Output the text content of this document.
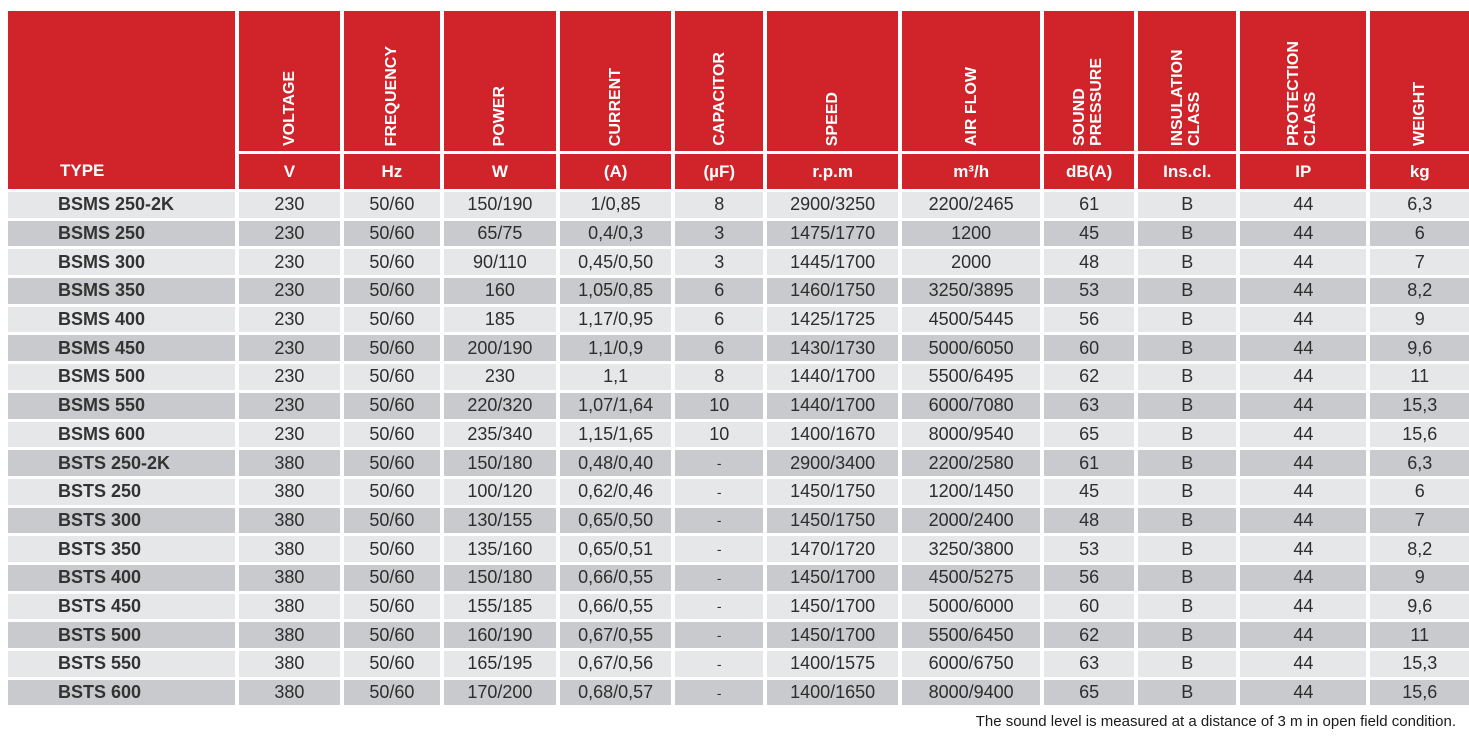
TYPE	VOLTAGE	FREQUENCY	POWER	CURRENT	CAPACITOR	SPEED	AIR FLOW	SOUND PRESSURE	INSULATION CLASS	PROTECTION CLASS	WEIGHT
	V	Hz	W	(A)	(µF)	r.p.m	m³/h	dB(A)	Ins.cl.	IP	kg
BSMS 250-2K	230	50/60	150/190	1/0,85	8	2900/3250	2200/2465	61	B	44	6,3
BSMS 250	230	50/60	65/75	0,4/0,3	3	1475/1770	1200	45	B	44	6
BSMS 300	230	50/60	90/110	0,45/0,50	3	1445/1700	2000	48	B	44	7
BSMS 350	230	50/60	160	1,05/0,85	6	1460/1750	3250/3895	53	B	44	8,2
BSMS 400	230	50/60	185	1,17/0,95	6	1425/1725	4500/5445	56	B	44	9
BSMS 450	230	50/60	200/190	1,1/0,9	6	1430/1730	5000/6050	60	B	44	9,6
BSMS 500	230	50/60	230	1,1	8	1440/1700	5500/6495	62	B	44	11
BSMS 550	230	50/60	220/320	1,07/1,64	10	1440/1700	6000/7080	63	B	44	15,3
BSMS 600	230	50/60	235/340	1,15/1,65	10	1400/1670	8000/9540	65	B	44	15,6
BSTS 250-2K	380	50/60	150/180	0,48/0,40	-	2900/3400	2200/2580	61	B	44	6,3
BSTS 250	380	50/60	100/120	0,62/0,46	-	1450/1750	1200/1450	45	B	44	6
BSTS 300	380	50/60	130/155	0,65/0,50	-	1450/1750	2000/2400	48	B	44	7
BSTS 350	380	50/60	135/160	0,65/0,51	-	1470/1720	3250/3800	53	B	44	8,2
BSTS 400	380	50/60	150/180	0,66/0,55	-	1450/1700	4500/5275	56	B	44	9
BSTS 450	380	50/60	155/185	0,66/0,55	-	1450/1700	5000/6000	60	B	44	9,6
BSTS 500	380	50/60	160/190	0,67/0,55	-	1450/1700	5500/6450	62	B	44	11
BSTS 550	380	50/60	165/195	0,67/0,56	-	1400/1575	6000/6750	63	B	44	15,3
BSTS 600	380	50/60	170/200	0,68/0,57	-	1400/1650	8000/9400	65	B	44	15,6
The sound level is measured at a distance of 3 m in open field condition.
